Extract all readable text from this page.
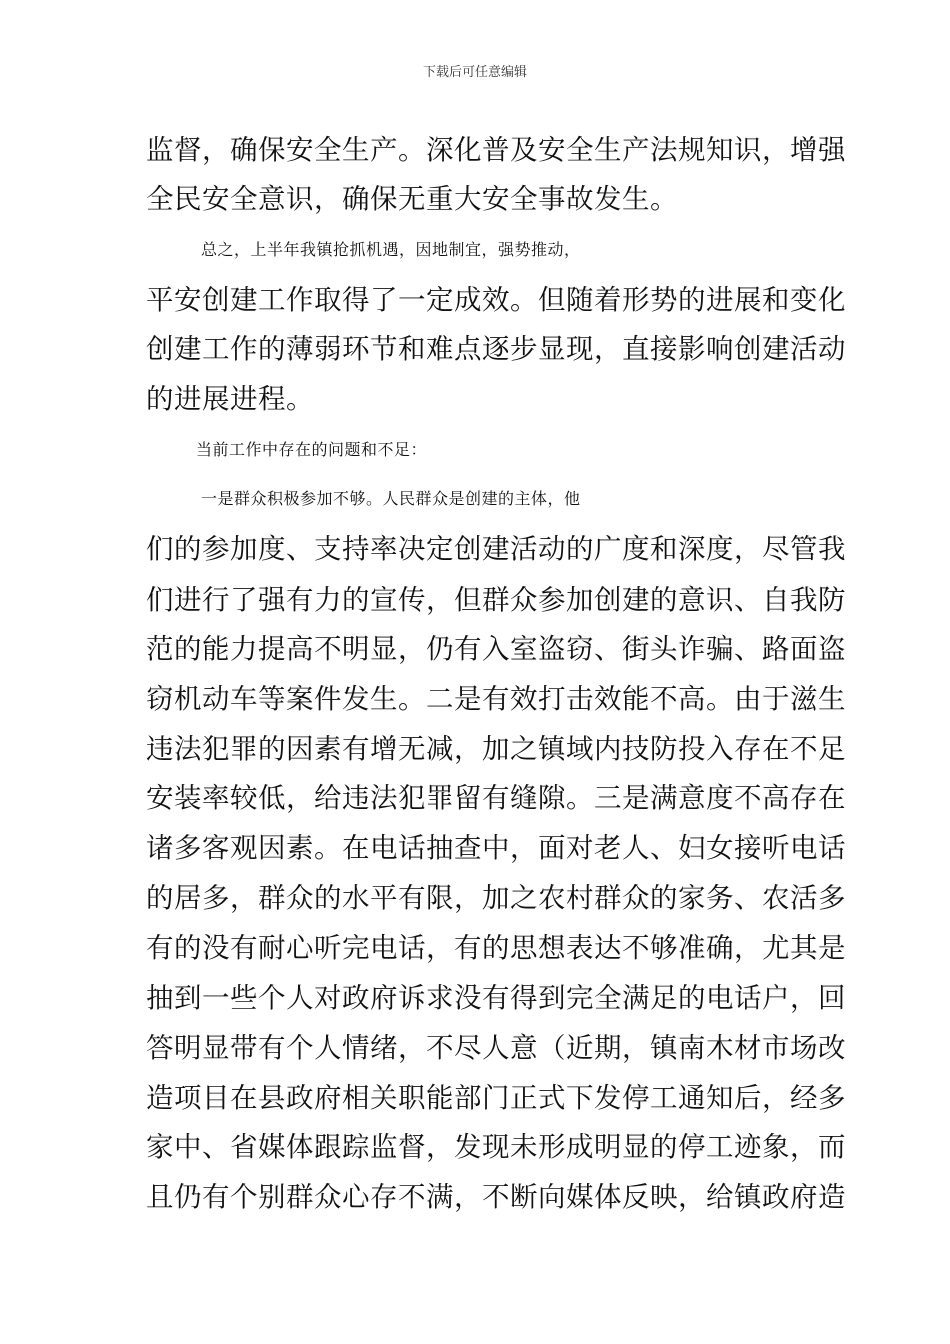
下载后可任意编辑
监督，确保安全生产。深化普及安全生产法规知识，增强
全民安全意识，确保无重大安全事故发生。
总之，上半年我镇抢抓机遇，因地制宜，强势推动，
平安创建工作取得了一定成效。但随着形势的进展和变化
创建工作的薄弱环节和难点逐步显现，直接影响创建活动
的进展进程。
当前工作中存在的问题和不足：
一是群众积极参加不够。人民群众是创建的主体，他
们的参加度、支持率决定创建活动的广度和深度，尽管我
们进行了强有力的宣传，但群众参加创建的意识、自我防
范的能力提高不明显，仍有入室盗窃、街头诈骗、路面盗
窃机动车等案件发生。二是有效打击效能不高。由于滋生
违法犯罪的因素有增无减，加之镇域内技防投入存在不足
安装率较低，给违法犯罪留有缝隙。三是满意度不高存在
诸多客观因素。在电话抽查中，面对老人、妇女接听电话
的居多，群众的水平有限，加之农村群众的家务、农活多
有的没有耐心听完电话，有的思想表达不够准确，尤其是
抽到一些个人对政府诉求没有得到完全满足的电话户，回
答明显带有个人情绪，不尽人意（近期，镇南木材市场改
造项目在县政府相关职能部门正式下发停工通知后，经多
家中、省媒体跟踪监督，发现未形成明显的停工迹象，而
且仍有个别群众心存不满，不断向媒体反映，给镇政府造
